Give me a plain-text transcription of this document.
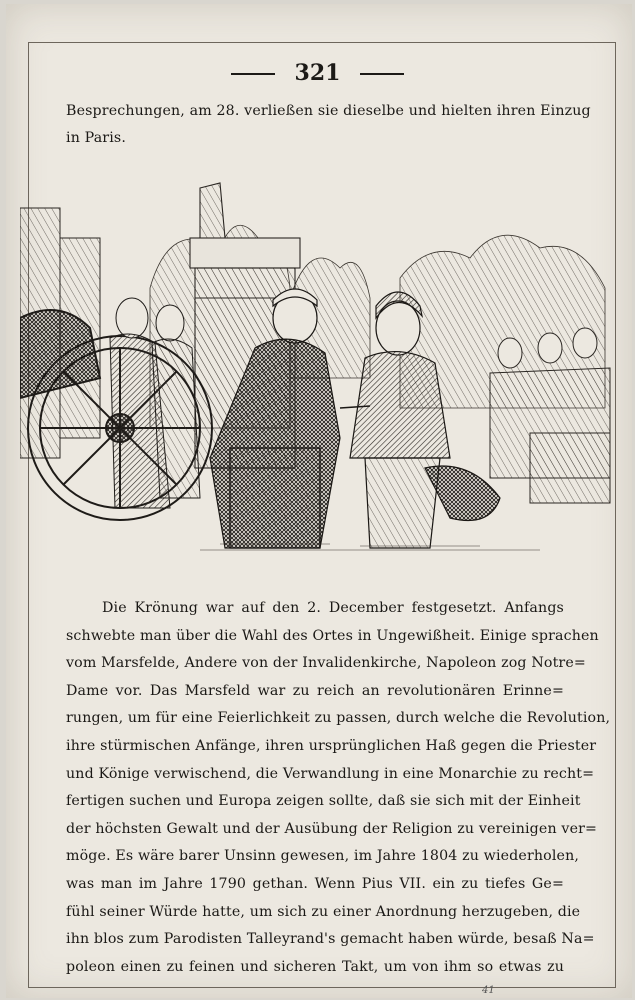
321
Besprechungen, am 28. verließen sie dieselbe und hielten ihren Einzug
in Paris.
Die Krönung war auf den 2. December festgesetzt. Anfangs
schwebte man über die Wahl des Ortes in Ungewißheit. Einige sprachen
vom Marsfelde, Andere von der Invalidenkirche, Napoleon zog Notre=
Dame vor. Das Marsfeld war zu reich an revolutionären Erinne=
rungen, um für eine Feierlichkeit zu passen, durch welche die Revolution,
ihre stürmischen Anfänge, ihren ursprünglichen Haß gegen die Priester
und Könige verwischend, die Verwandlung in eine Monarchie zu recht=
fertigen suchen und Europa zeigen sollte, daß sie sich mit der Einheit
der höchsten Gewalt und der Ausübung der Religion zu vereinigen ver=
möge. Es wäre barer Unsinn gewesen, im Jahre 1804 zu wiederholen,
was man im Jahre 1790 gethan. Wenn Pius VII. ein zu tiefes Ge=
fühl seiner Würde hatte, um sich zu einer Anordnung herzugeben, die
ihn blos zum Parodisten Talleyrand's gemacht haben würde, besaß Na=
poleon einen zu feinen und sicheren Takt, um von ihm so etwas zu
41
